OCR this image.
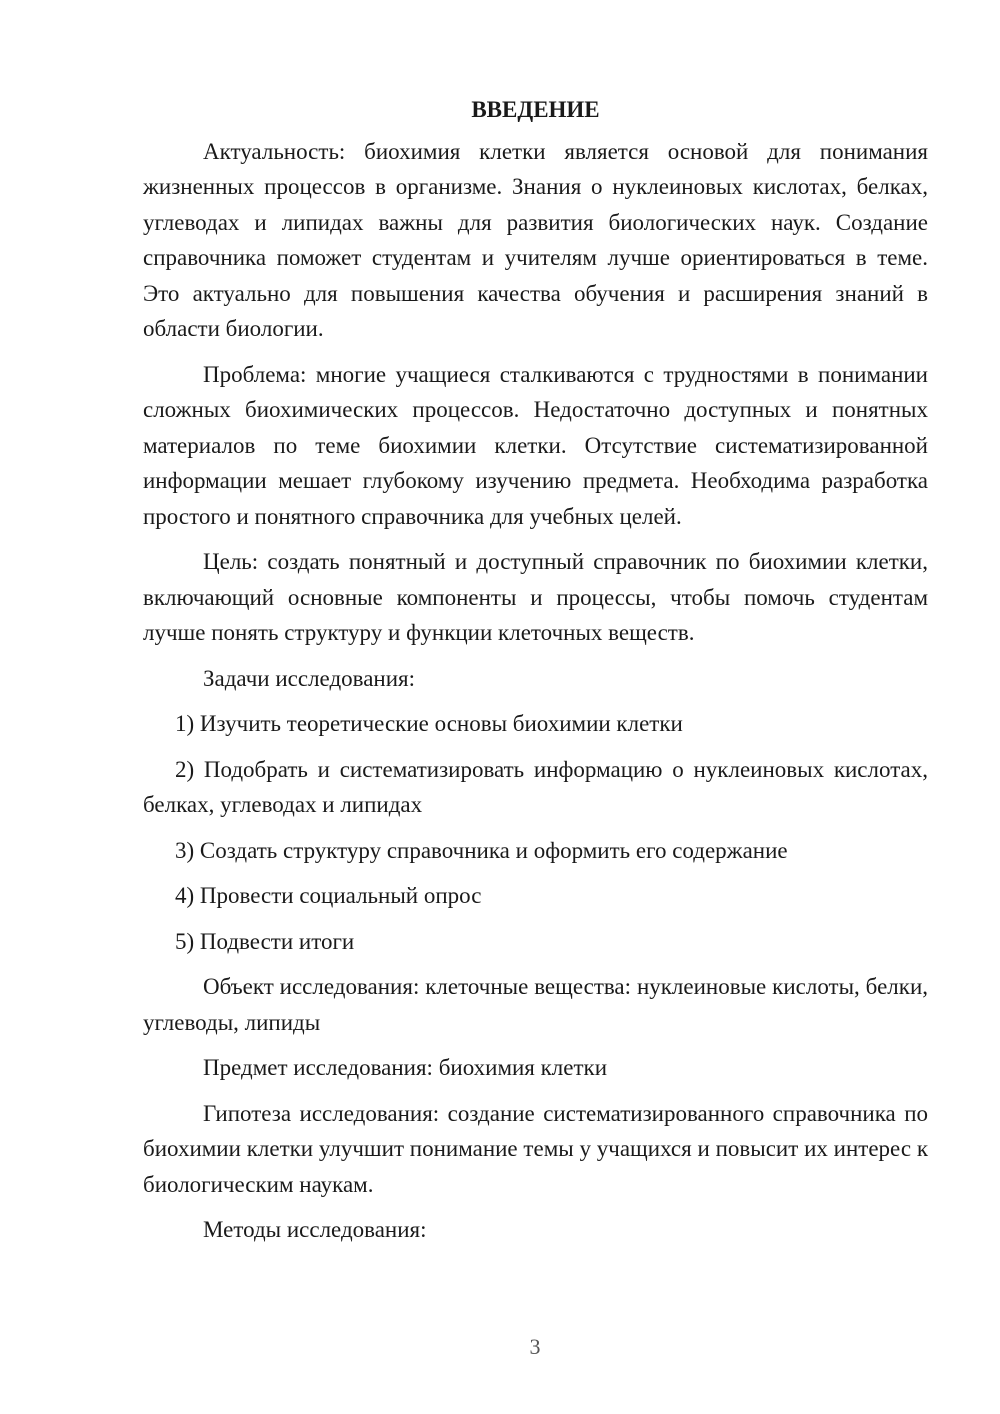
ВВЕДЕНИЕ

Актуальность: биохимия клетки является основой для понимания жизненных процессов в организме. Знания о нуклеиновых кислотах, белках, углеводах и липидах важны для развития биологических наук. Создание справочника поможет студентам и учителям лучше ориентироваться в теме. Это актуально для повышения качества обучения и расширения знаний в области биологии.

Проблема: многие учащиеся сталкиваются с трудностями в понимании сложных биохимических процессов. Недостаточно доступных и понятных материалов по теме биохимии клетки. Отсутствие систематизированной информации мешает глубокому изучению предмета. Необходима разработка простого и понятного справочника для учебных целей.

Цель: создать понятный и доступный справочник по биохимии клетки, включающий основные компоненты и процессы, чтобы помочь студентам лучше понять структуру и функции клеточных веществ.

Задачи исследования:

1) Изучить теоретические основы биохимии клетки

2) Подобрать и систематизировать информацию о нуклеиновых кислотах, белках, углеводах и липидах

3) Создать структуру справочника и оформить его содержание

4) Провести социальный опрос

5) Подвести итоги

Объект исследования: клеточные вещества: нуклеиновые кислоты, белки, углеводы, липиды

Предмет исследования: биохимия клетки

Гипотеза исследования: создание систематизированного справочника по биохимии клетки улучшит понимание темы у учащихся и повысит их интерес к биологическим наукам.

Методы исследования:

3
